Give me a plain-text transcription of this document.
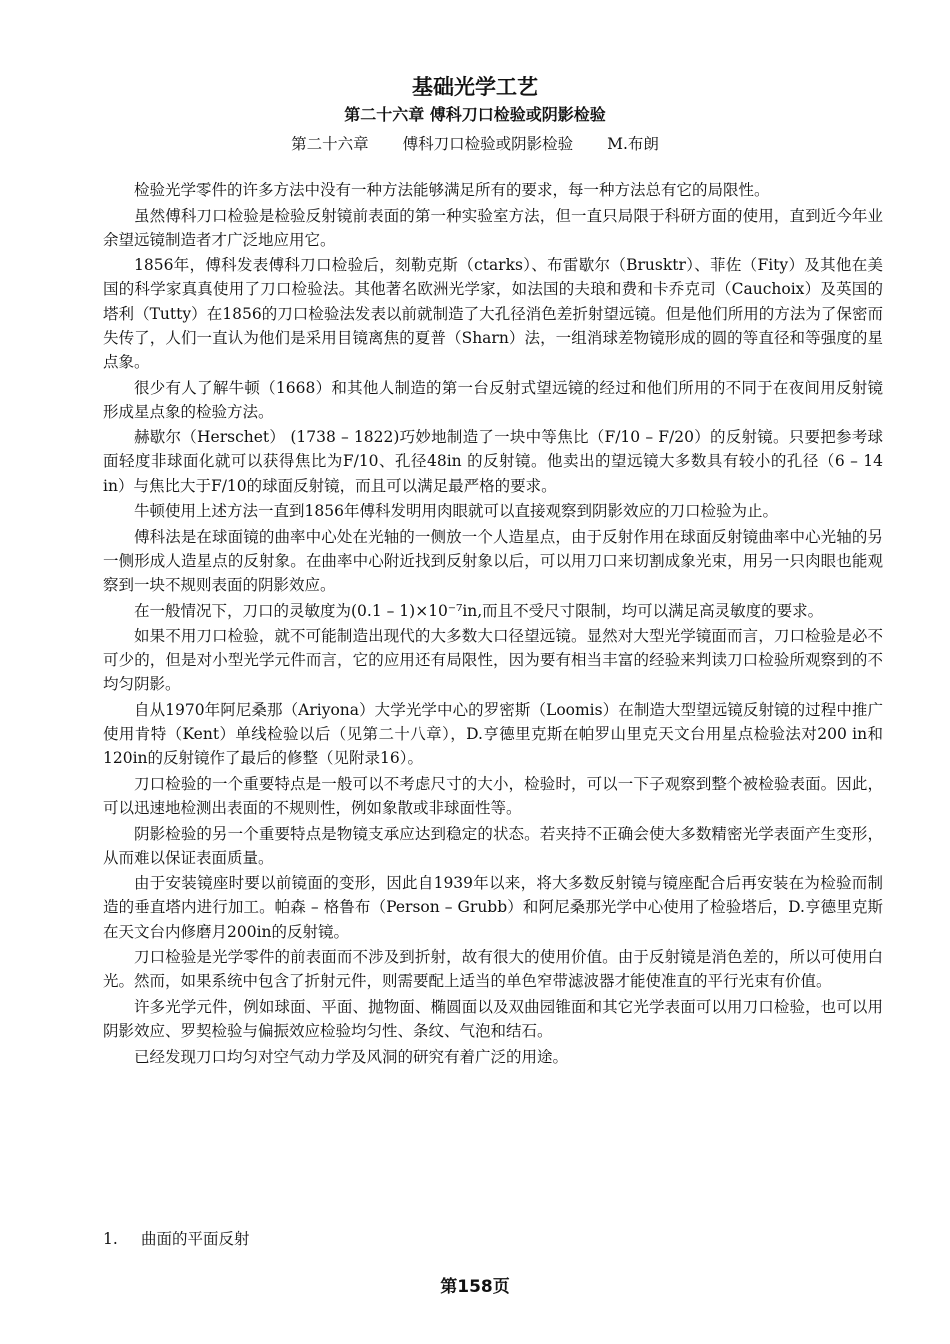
基础光学工艺
第二十六章 傅科刀口检验或阴影检验
第二十六章 傅科刀口检验或阴影检验 M.布朗

检验光学零件的许多方法中没有一种方法能够满足所有的要求，每一种方法总有它的局限性。

虽然傅科刀口检验是检验反射镜前表面的第一种实验室方法，但一直只局限于科研方面的使用，直到近今年业余望远镜制造者才广泛地应用它。

1856年，傅科发表傅科刀口检验后，刻勒克斯（ctarks）、布雷歇尔（Brusktr）、菲佐（Fity）及其他在美国的科学家真真使用了刀口检验法。其他著名欧洲光学家，如法国的夫琅和费和卡乔克司（Cauchoix）及英国的塔利（Tutty）在1856的刀口检验法发表以前就制造了大孔径消色差折射望远镜。但是他们所用的方法为了保密而失传了，人们一直认为他们是采用目镜离焦的夏普（Sharn）法，一组消球差物镜形成的圆的等直径和等强度的星点象。

很少有人了解牛顿（1668）和其他人制造的第一台反射式望远镜的经过和他们所用的不同于在夜间用反射镜形成星点象的检验方法。

赫歇尔（Herschet） (1738 – 1822)巧妙地制造了一块中等焦比（F/10 – F/20）的反射镜。只要把参考球面轻度非球面化就可以获得焦比为F/10、孔径48in 的反射镜。他卖出的望远镜大多数具有较小的孔径（6 – 14 in）与焦比大于F/10的球面反射镜，而且可以满足最严格的要求。

牛顿使用上述方法一直到1856年傅科发明用肉眼就可以直接观察到阴影效应的刀口检验为止。

傅科法是在球面镜的曲率中心处在光轴的一侧放一个人造星点，由于反射作用在球面反射镜曲率中心光轴的另一侧形成人造星点的反射象。在曲率中心附近找到反射象以后，可以用刀口来切割成象光束，用另一只肉眼也能观察到一块不规则表面的阴影效应。

在一般情况下，刀口的灵敏度为(0.1 – 1)×10⁻⁷in,而且不受尺寸限制，均可以满足高灵敏度的要求。

如果不用刀口检验，就不可能制造出现代的大多数大口径望远镜。显然对大型光学镜面而言，刀口检验是必不可少的，但是对小型光学元件而言，它的应用还有局限性，因为要有相当丰富的经验来判读刀口检验所观察到的不均匀阴影。

自从1970年阿尼桑那（Ariyona）大学光学中心的罗密斯（Loomis）在制造大型望远镜反射镜的过程中推广使用肯特（Kent）单线检验以后（见第二十八章），D.亨德里克斯在帕罗山里克天文台用星点检验法对200 in和120in的反射镜作了最后的修整（见附录16）。

刀口检验的一个重要特点是一般可以不考虑尺寸的大小，检验时，可以一下子观察到整个被检验表面。因此，可以迅速地检测出表面的不规则性，例如象散或非球面性等。

阴影检验的另一个重要特点是物镜支承应达到稳定的状态。若夹持不正确会使大多数精密光学表面产生变形，从而难以保证表面质量。

由于安装镜座时要以前镜面的变形，因此自1939年以来，将大多数反射镜与镜座配合后再安装在为检验而制造的垂直塔内进行加工。帕森 – 格鲁布（Person – Grubb）和阿尼桑那光学中心使用了检验塔后，D.亨德里克斯在天文台内修磨月200in的反射镜。

刀口检验是光学零件的前表面而不涉及到折射，故有很大的使用价值。由于反射镜是消色差的，所以可使用白光。然而，如果系统中包含了折射元件，则需要配上适当的单色窄带滤波器才能使准直的平行光束有价值。

许多光学元件，例如球面、平面、抛物面、椭圆面以及双曲园锥面和其它光学表面可以用刀口检验，也可以用阴影效应、罗契检验与偏振效应检验均匀性、条纹、气泡和结石。

已经发现刀口均匀对空气动力学及风洞的研究有着广泛的用途。

1. 曲面的平面反射
第158页
